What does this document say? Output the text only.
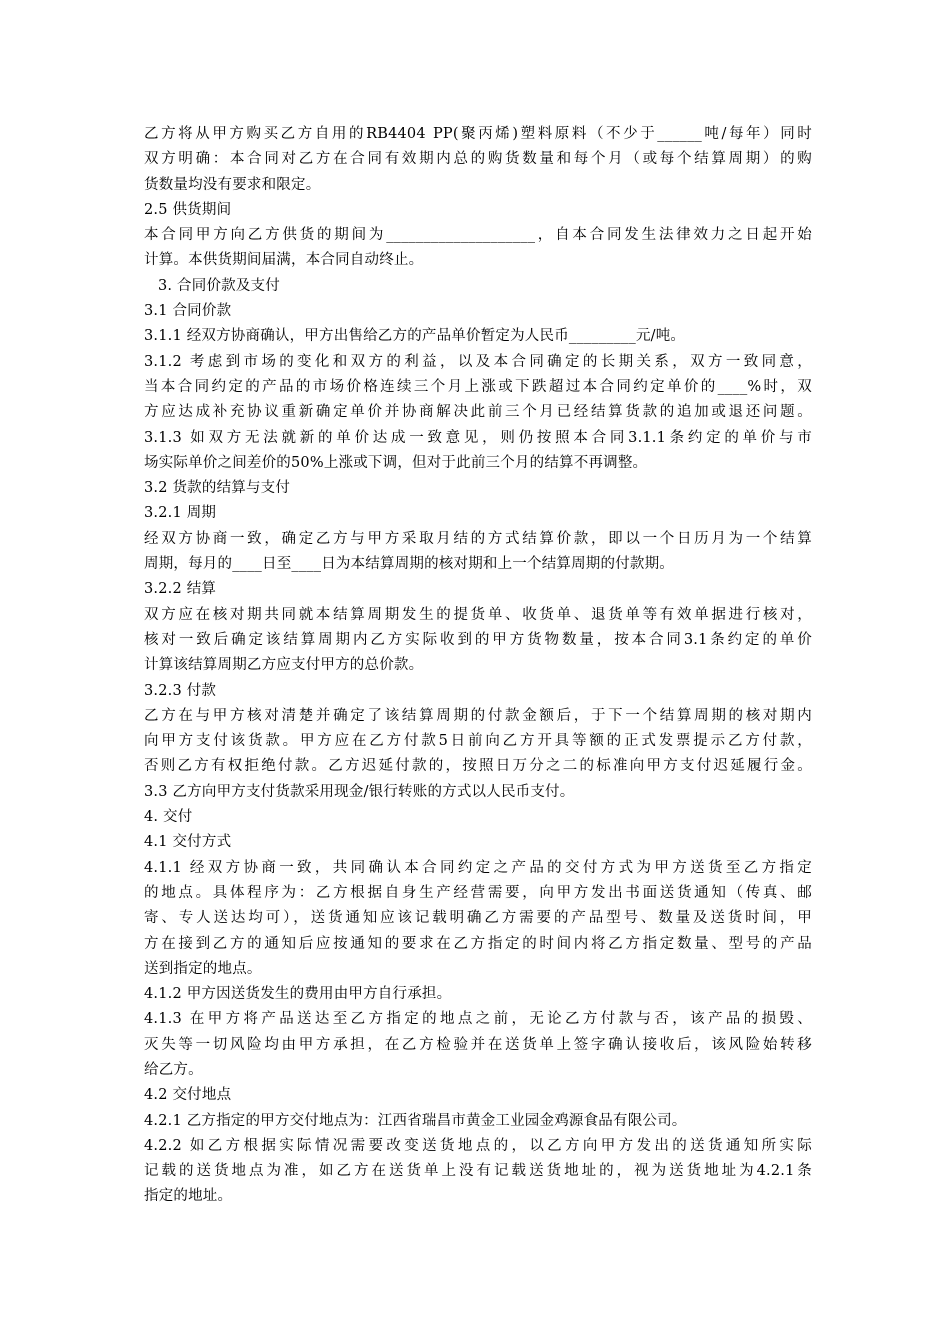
乙方将从甲方购买乙方自用的RB4404 PP(聚丙烯)塑料原料（不少于______吨/每年）同时
双方明确：本合同对乙方在合同有效期内总的购货数量和每个月（或每个结算周期）的购
货数量均没有要求和限定。
2.5 供货期间
本合同甲方向乙方供货的期间为____________________，自本合同发生法律效力之日起开始
计算。本供货期间届满，本合同自动终止。
3. 合同价款及支付
3.1 合同价款
3.1.1 经双方协商确认，甲方出售给乙方的产品单价暂定为人民币_________元/吨。
3.1.2 考虑到市场的变化和双方的利益，以及本合同确定的长期关系，双方一致同意，
当本合同约定的产品的市场价格连续三个月上涨或下跌超过本合同约定单价的____%时，双
方应达成补充协议重新确定单价并协商解决此前三个月已经结算货款的追加或退还问题。
3.1.3 如双方无法就新的单价达成一致意见，则仍按照本合同3.1.1条约定的单价与市
场实际单价之间差价的50%上涨或下调，但对于此前三个月的结算不再调整。
3.2 货款的结算与支付
3.2.1 周期
经双方协商一致，确定乙方与甲方采取月结的方式结算价款，即以一个日历月为一个结算
周期，每月的____日至____日为本结算周期的核对期和上一个结算周期的付款期。
3.2.2 结算
双方应在核对期共同就本结算周期发生的提货单、收货单、退货单等有效单据进行核对，
核对一致后确定该结算周期内乙方实际收到的甲方货物数量，按本合同3.1条约定的单价
计算该结算周期乙方应支付甲方的总价款。
3.2.3 付款
乙方在与甲方核对清楚并确定了该结算周期的付款金额后，于下一个结算周期的核对期内
向甲方支付该货款。甲方应在乙方付款5日前向乙方开具等额的正式发票提示乙方付款，
否则乙方有权拒绝付款。乙方迟延付款的，按照日万分之二的标准向甲方支付迟延履行金。
3.3 乙方向甲方支付货款采用现金/银行转账的方式以人民币支付。
4. 交付
4.1 交付方式
4.1.1 经双方协商一致，共同确认本合同约定之产品的交付方式为甲方送货至乙方指定
的地点。具体程序为：乙方根据自身生产经营需要，向甲方发出书面送货通知（传真、邮
寄、专人送达均可），送货通知应该记载明确乙方需要的产品型号、数量及送货时间，甲
方在接到乙方的通知后应按通知的要求在乙方指定的时间内将乙方指定数量、型号的产品
送到指定的地点。
4.1.2 甲方因送货发生的费用由甲方自行承担。
4.1.3 在甲方将产品送达至乙方指定的地点之前，无论乙方付款与否，该产品的损毁、
灭失等一切风险均由甲方承担，在乙方检验并在送货单上签字确认接收后，该风险始转移
给乙方。
4.2 交付地点
4.2.1 乙方指定的甲方交付地点为：江西省瑞昌市黄金工业园金鸡源食品有限公司。
4.2.2 如乙方根据实际情况需要改变送货地点的，以乙方向甲方发出的送货通知所实际
记载的送货地点为准，如乙方在送货单上没有记载送货地址的，视为送货地址为4.2.1条
指定的地址。
